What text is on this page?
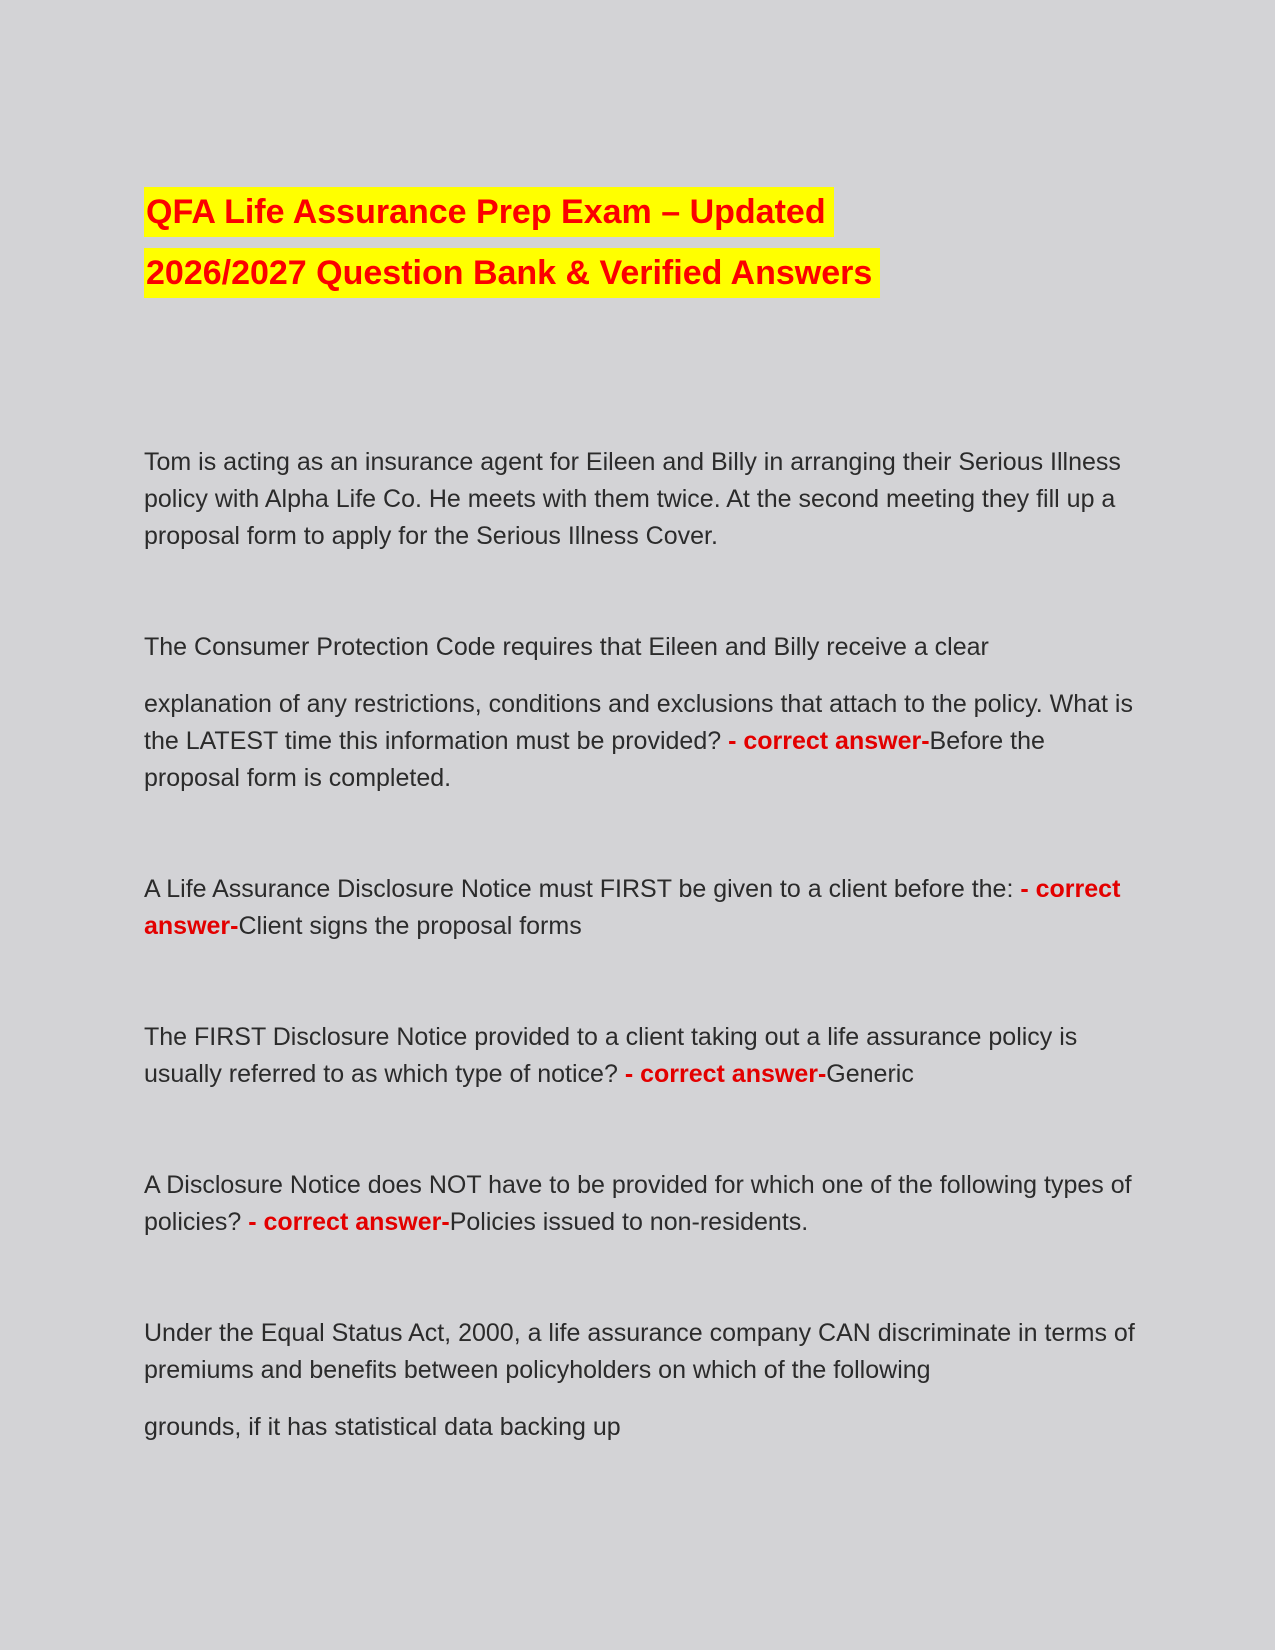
QFA Life Assurance Prep Exam – Updated
2026/2027 Question Bank & Verified Answers

Tom is acting as an insurance agent for Eileen and Billy in arranging their Serious Illness policy with Alpha Life Co. He meets with them twice. At the second meeting they fill up a proposal form to apply for the Serious Illness Cover.

The Consumer Protection Code requires that Eileen and Billy receive a clear

explanation of any restrictions, conditions and exclusions that attach to the policy. What is the LATEST time this information must be provided? - correct answer-Before the proposal form is completed.

A Life Assurance Disclosure Notice must FIRST be given to a client before the: - correct answer-Client signs the proposal forms

The FIRST Disclosure Notice provided to a client taking out a life assurance policy is usually referred to as which type of notice? - correct answer-Generic

A Disclosure Notice does NOT have to be provided for which one of the following types of policies? - correct answer-Policies issued to non-residents.

Under the Equal Status Act, 2000, a life assurance company CAN discriminate in terms of premiums and benefits between policyholders on which of the following

grounds, if it has statistical data backing up
